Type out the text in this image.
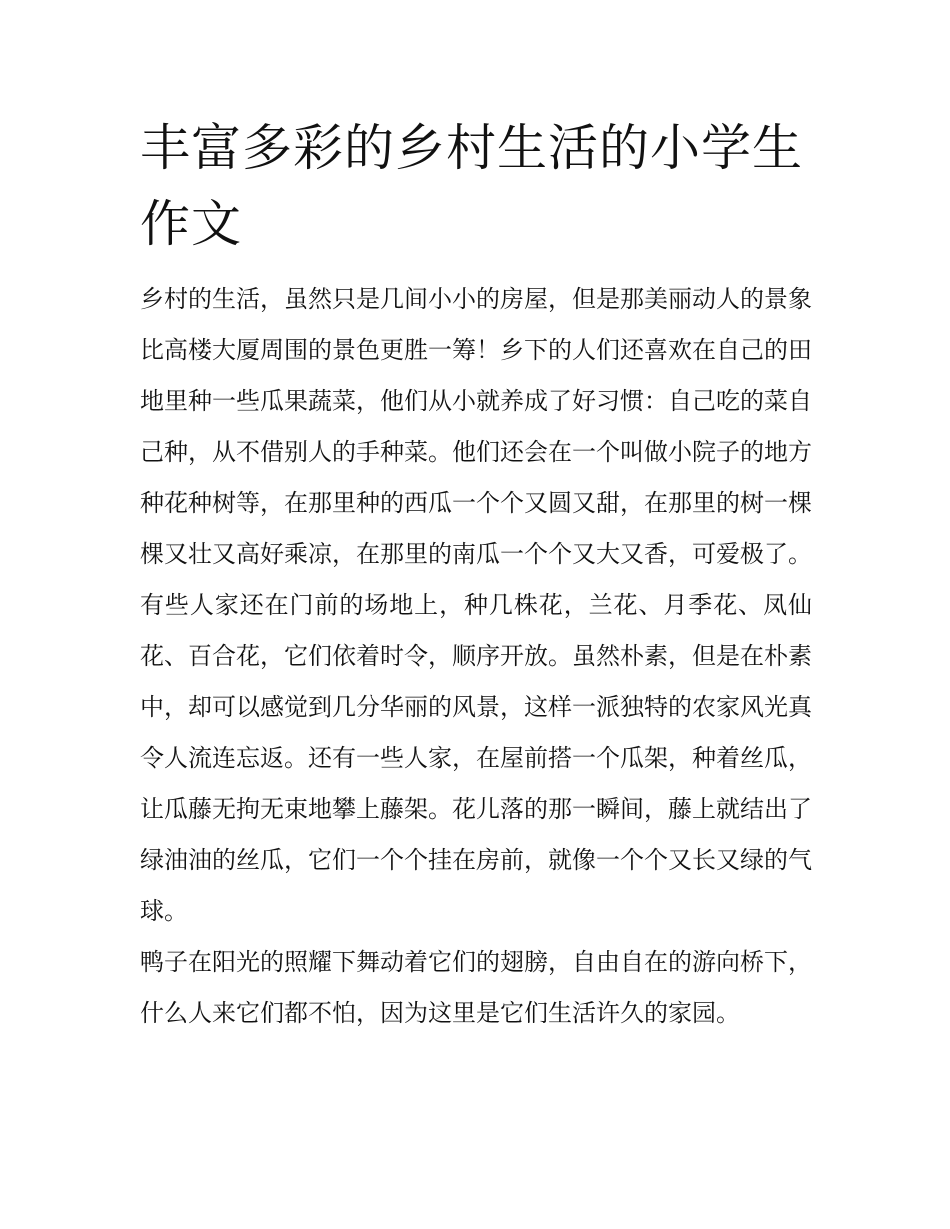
丰富多彩的乡村生活的小学生作文

乡村的生活，虽然只是几间小小的房屋，但是那美丽动人的景象比高楼大厦周围的景色更胜一筹！乡下的人们还喜欢在自己的田地里种一些瓜果蔬菜，他们从小就养成了好习惯：自己吃的菜自己种，从不借别人的手种菜。他们还会在一个叫做小院子的地方种花种树等，在那里种的西瓜一个个又圆又甜，在那里的树一棵棵又壮又高好乘凉，在那里的南瓜一个个又大又香，可爱极了。

有些人家还在门前的场地上，种几株花，兰花、月季花、凤仙花、百合花，它们依着时令，顺序开放。虽然朴素，但是在朴素中，却可以感觉到几分华丽的风景，这样一派独特的农家风光真令人流连忘返。还有一些人家，在屋前搭一个瓜架，种着丝瓜，让瓜藤无拘无束地攀上藤架。花儿落的那一瞬间，藤上就结出了绿油油的丝瓜，它们一个个挂在房前，就像一个个又长又绿的气球。

鸭子在阳光的照耀下舞动着它们的翅膀，自由自在的游向桥下，什么人来它们都不怕，因为这里是它们生活许久的家园。
